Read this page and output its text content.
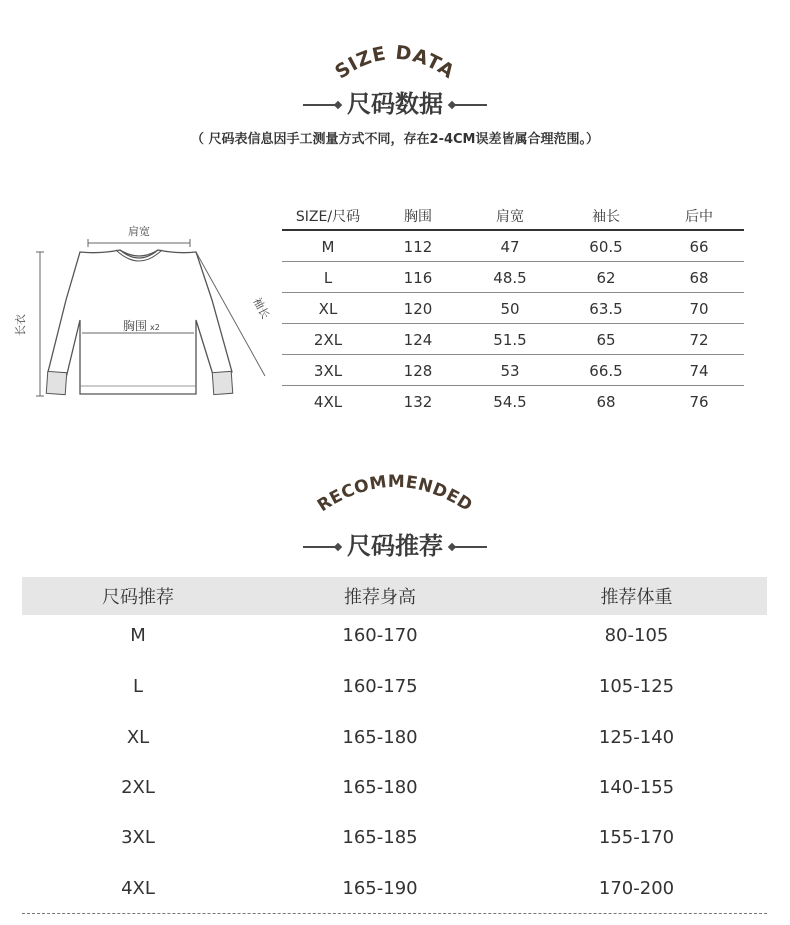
SIZE DATA
尺码数据
（ 尺码表信息因手工测量方式不同，存在2-4CM误差皆属合理范围。）
肩宽
长衣
袖长
胸围 x2
SIZE/尺码	胸围	肩宽	袖长	后中
M	112	47	60.5	66
L	116	48.5	62	68
XL	120	50	63.5	70
2XL	124	51.5	65	72
3XL	128	53	66.5	74
4XL	132	54.5	68	76
RECOMMENDED
尺码推荐
尺码推荐	推荐身高	推荐体重
M	160-170	80-105
L	160-175	105-125
XL	165-180	125-140
2XL	165-180	140-155
3XL	165-185	155-170
4XL	165-190	170-200
